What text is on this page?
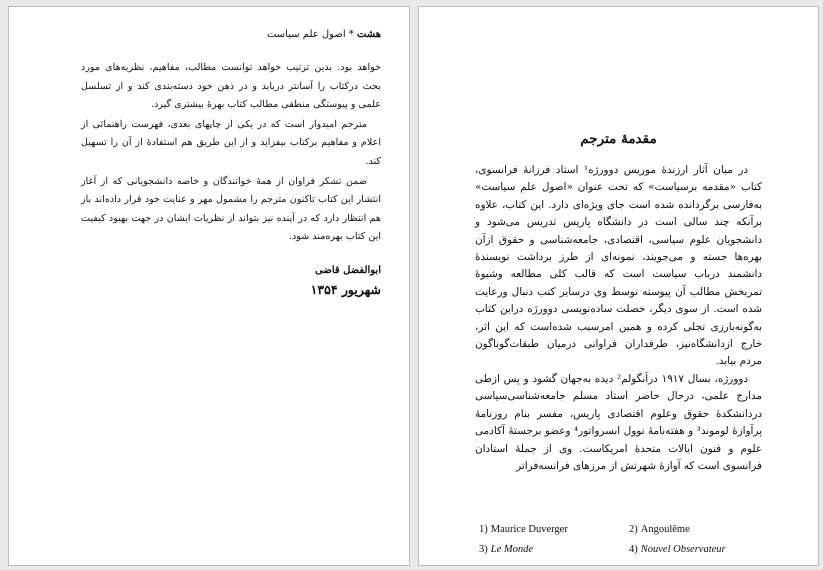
هشت * اصول علم سیاست

خواهد بود. بدین ترتیب خواهد توانست مطالب، مفاهیم، نظریه‌های مورد بحث درکتاب را آسانتر دریابد و در ذهن خود دسته‌بندی کند و از تسلسل علمی و پیوستگی منطقی مطالب کتاب بهرهٔ بیشتری گیرد.

مترجم امیدوار است که در یکی از چاپهای بعدی، فهرست راهنمائی از اعلام و مفاهیم برکتاب بیفزاید و از این طریق هم استفادهٔ از آن را تسهیل کند.

ضمن تشکر فراوان از همهٔ خوانندگان و خاصه دانشجویانی که از آغاز انتشار این کتاب تاکنون مترجم را مشمول مهر و عنایت خود قرار داده‌اند باز هم انتظار دارد که در آینده نیز بتواند از نظریات ایشان در جهت بهبود کیفیت این کتاب بهره‌مند شود.

ابوالفضل قاضی
شهریور ۱۳۵۴
مقدمهٔ مترجم

در میان آثار ارزندهٔ موریس دوورژه¹ استاد فرزانهٔ فرانسوی، کتاب «مقدمه برسیاست» که تحت عنوان «اصول علم سیاست» به‌فارسی برگردانده شده است جای ویژه‌ای دارد. این کتاب، علاوه برآنکه چند سالی است در دانشگاه پاریس تدریس می‌شود و دانشجویان علوم سیاسی، اقتصادی، جامعه‌شناسی و حقوق ازآن بهره‌ها جسته و می‌جویند، نمونه‌ای از طرز برداشت نویسندهٔ دانشمند درباب سیاست است که قالب کلی مطالعه وشیوهٔ تمربخش مطالب آن پیوسته توسط وی درسایر کتب دنبال ورعایت شده است. از سوی دیگر، خصلت ساده‌نویسی دوورژه دراین کتاب به‌گونه‌بارزی تجلی کرده و همین امرسبب شده‌است که این اثر، خارج ازدانشگاه‌نیز، طرفداران فراوانی درمیان طبقات‌گوناگون مردم بیابد.

دوورژه، بسال ۱۹۱۷ درآنگولم² دیده به‌جهان گشود و پس ازطی مدارج علمی، درحال حاضر استاد مسلم جامعه‌شناسی‌سیاسی دردانشکدهٔ حقوق وعلوم اقتصادی پاریس، مفسر بنام روزنامهٔ پرآوازهٔ لوموند³ و هفته‌نامهٔ نوول ابسرواتور⁴ وعضو برجستهٔ آکادمی علوم و فنون ایالات متحدهٔ امریکاست. وی از جملهٔ استادان فرانسوی است که آوازهٔ شهرتش از مرزهای فرانسه‌فراتر

1) Maurice Duverger	2) Angoulême
3) Le Monde	4) Nouvel Observateur
